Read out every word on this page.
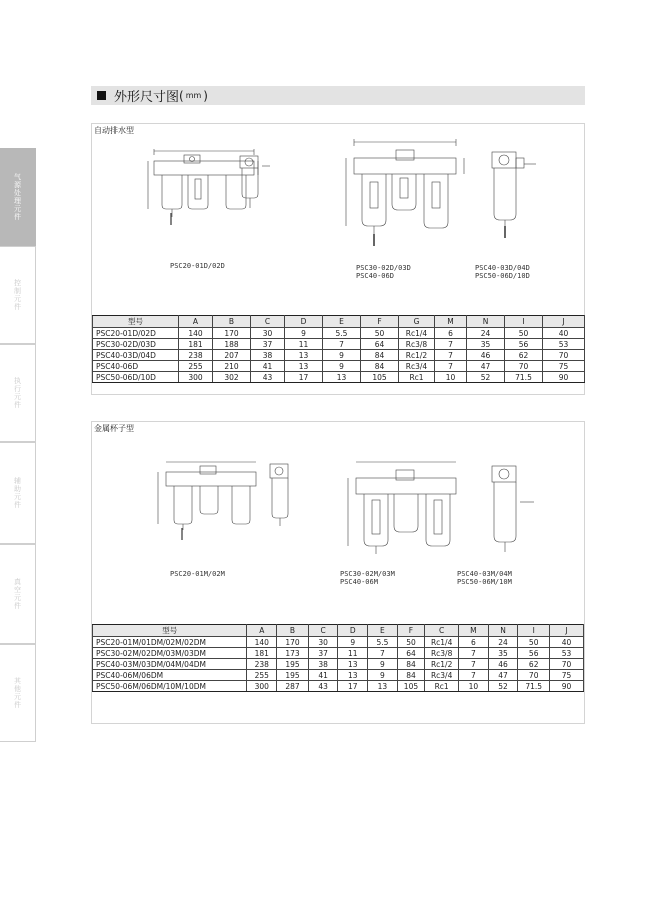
气源处理元件
控制元件
执行元件
辅助元件
真空元件
其他元件
外形尺寸图 ( mm )
自动排水型
PSC20-01D/02D	PSC30-02D/03D
PSC40-06D
PSC40-03D/04D
PSC50-06D/10D
型号	A	B	C	D	E	F	G	M	N	I	J
PSC20-01D/02D	140	170	30	9	5.5	50	Rc1/4	6	24	50	40
PSC30-02D/03D	181	188	37	11	7	64	Rc3/8	7	35	56	53
PSC40-03D/04D	238	207	38	13	9	84	Rc1/2	7	46	62	70
PSC40-06D	255	210	41	13	9	84	Rc3/4	7	47	70	75
PSC50-06D/10D	300	302	43	17	13	105	Rc1	10	52	71.5	90
金属杯子型
PSC20-01M/02M	PSC30-02M/03M
PSC40-06M
PSC40-03M/04M
PSC50-06M/10M
型号	A	B	C	D	E	F	C	M	N	I	J
PSC20-01M/01DM/02M/02DM	140	170	30	9	5.5	50	Rc1/4	6	24	50	40
PSC30-02M/02DM/03M/03DM	181	173	37	11	7	64	Rc3/8	7	35	56	53
PSC40-03M/03DM/04M/04DM	238	195	38	13	9	84	Rc1/2	7	46	62	70
PSC40-06M/06DM	255	195	41	13	9	84	Rc3/4	7	47	70	75
PSC50-06M/06DM/10M/10DM	300	287	43	17	13	105	Rc1	10	52	71.5	90
